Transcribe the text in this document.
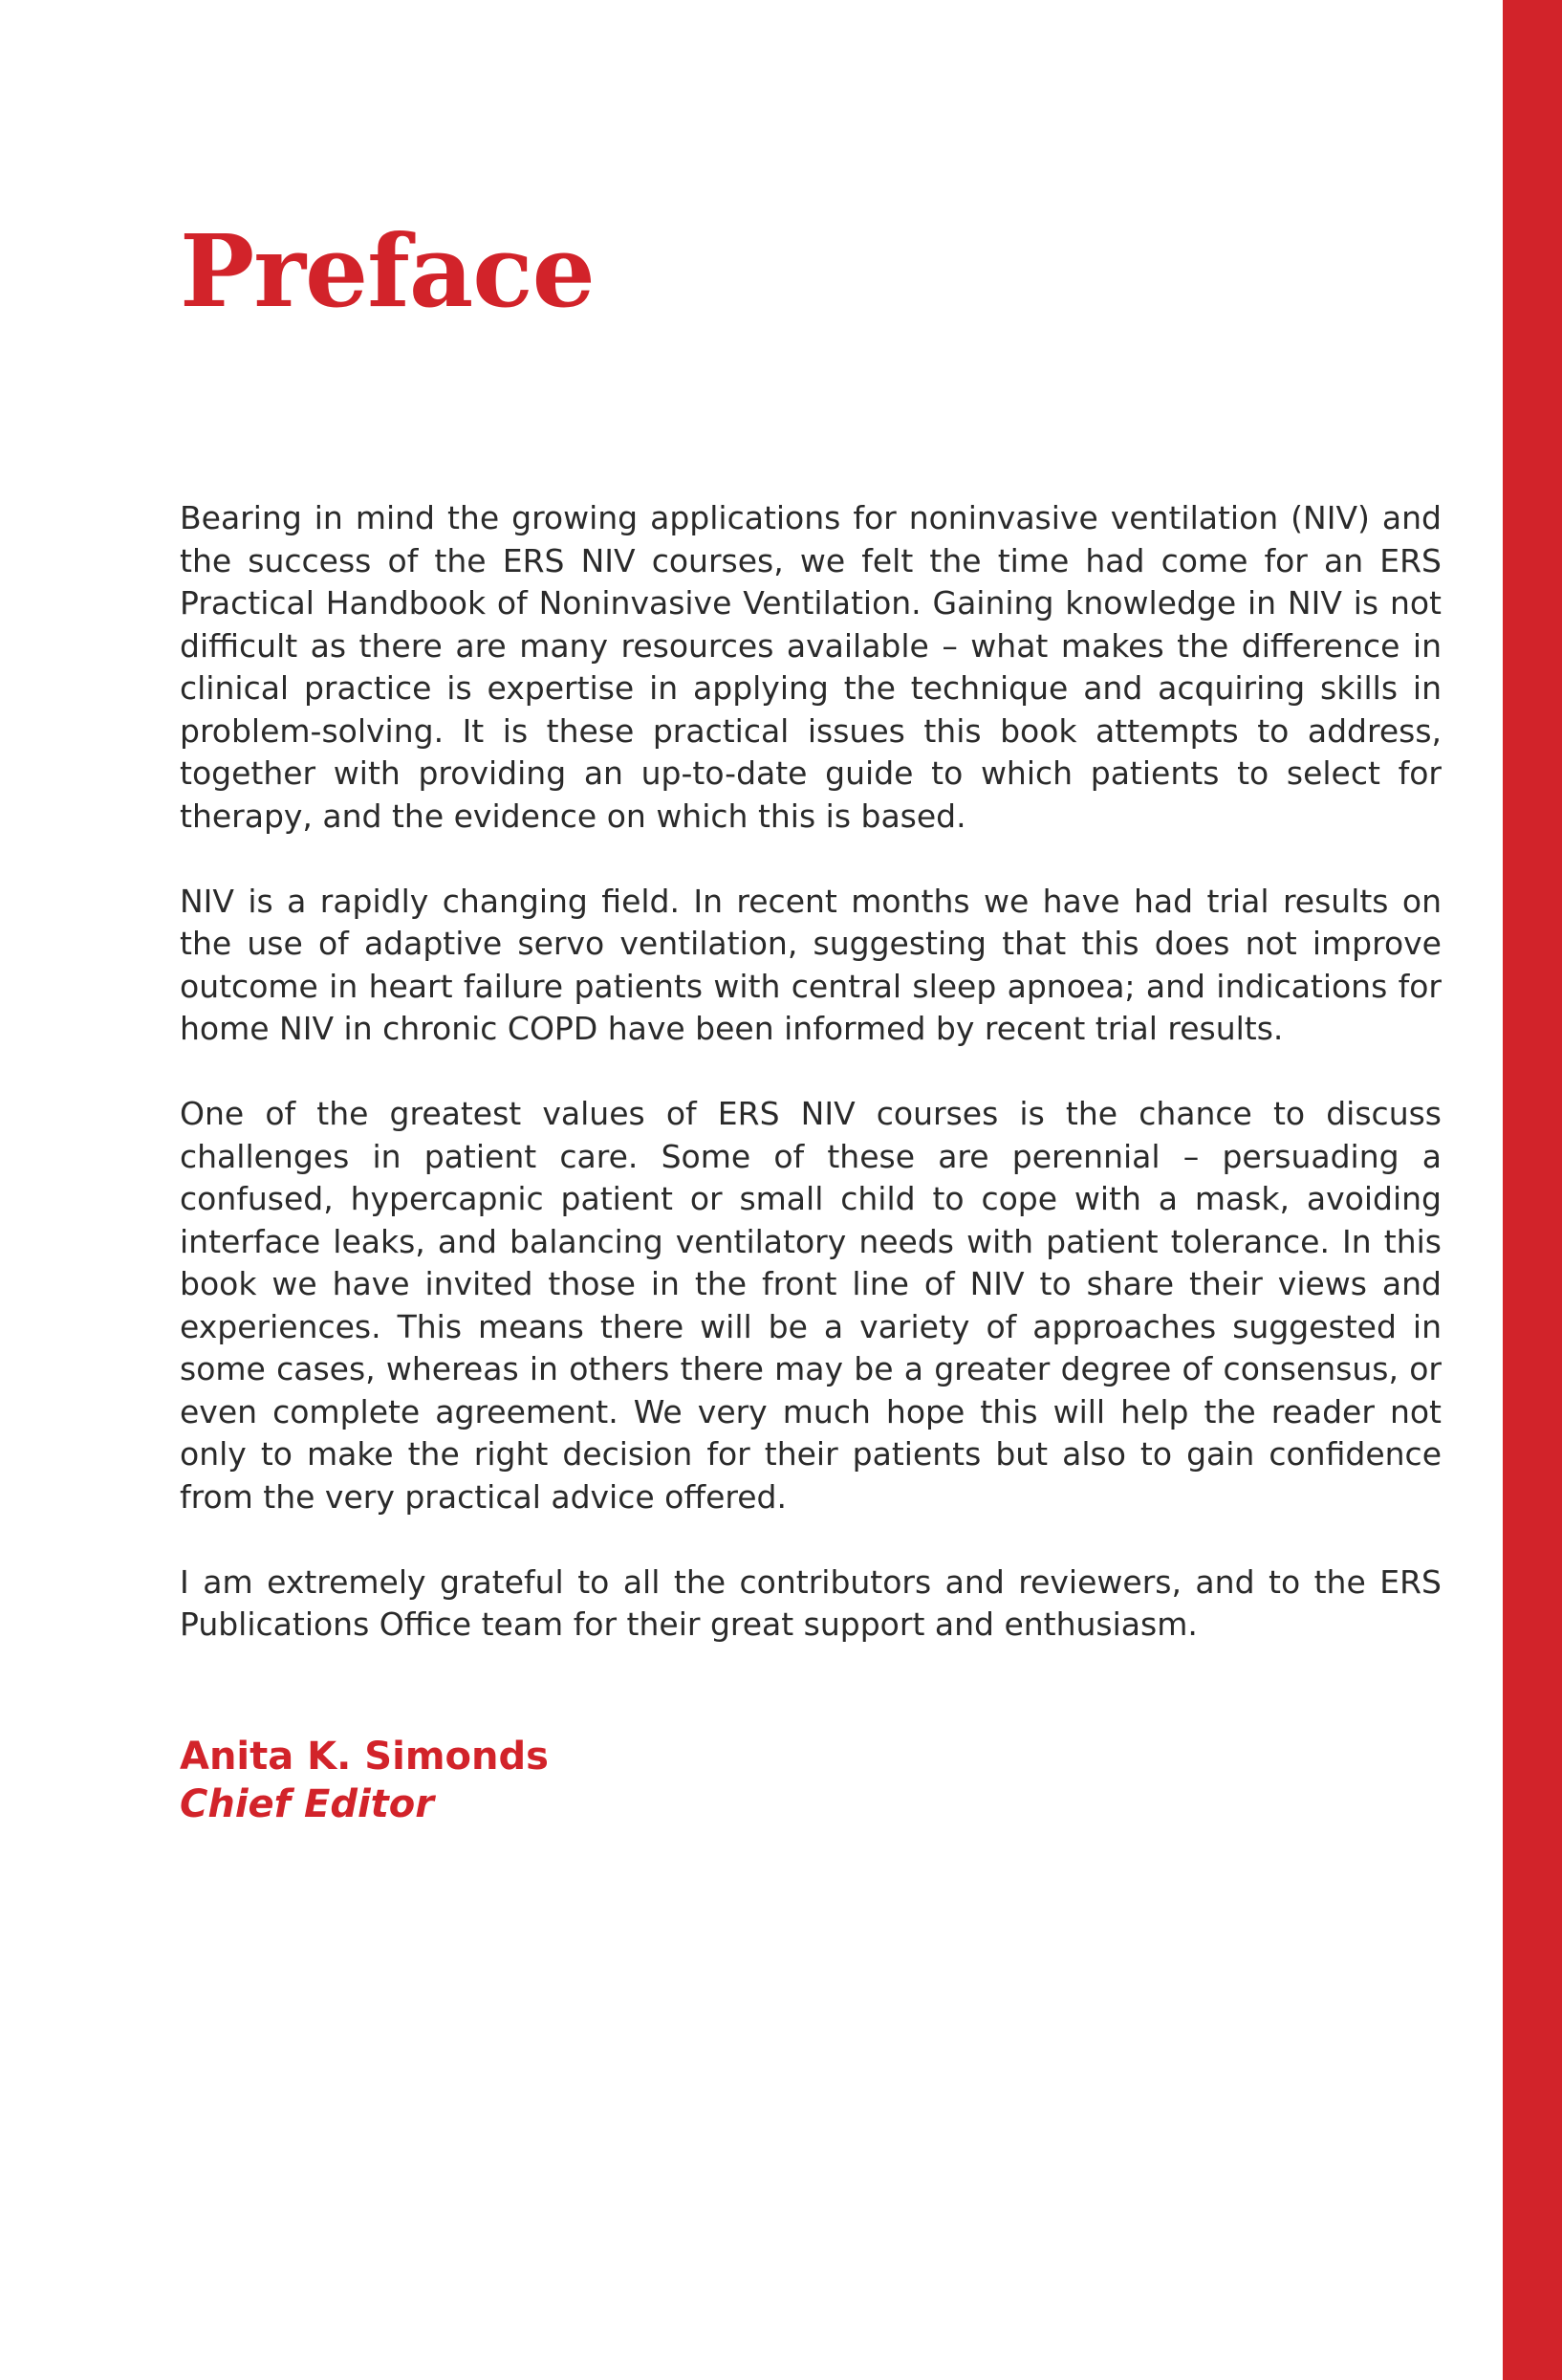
Preface

Bearing in mind the growing applications for noninvasive ventilation (NIV) and the success of the ERS NIV courses, we felt the time had come for an ERS Practical Handbook of Noninvasive Ventilation. Gaining knowledge in NIV is not difficult as there are many resources available – what makes the difference in clinical practice is expertise in applying the technique and acquiring skills in problem-solving. It is these practical issues this book attempts to address, together with providing an up-to-date guide to which patients to select for therapy, and the evidence on which this is based.

NIV is a rapidly changing field. In recent months we have had trial results on the use of adaptive servo ventilation, suggesting that this does not improve outcome in heart failure patients with central sleep apnoea; and indications for home NIV in chronic COPD have been informed by recent trial results.

One of the greatest values of ERS NIV courses is the chance to discuss challenges in patient care. Some of these are perennial – persuading a confused, hypercapnic patient or small child to cope with a mask, avoiding interface leaks, and balancing ventilatory needs with patient tolerance. In this book we have invited those in the front line of NIV to share their views and experiences. This means there will be a variety of approaches suggested in some cases, whereas in others there may be a greater degree of consensus, or even complete agreement. We very much hope this will help the reader not only to make the right decision for their patients but also to gain confidence from the very practical advice offered.

I am extremely grateful to all the contributors and reviewers, and to the ERS Publications Office team for their great support and enthusiasm.

Anita K. Simonds
Chief Editor
